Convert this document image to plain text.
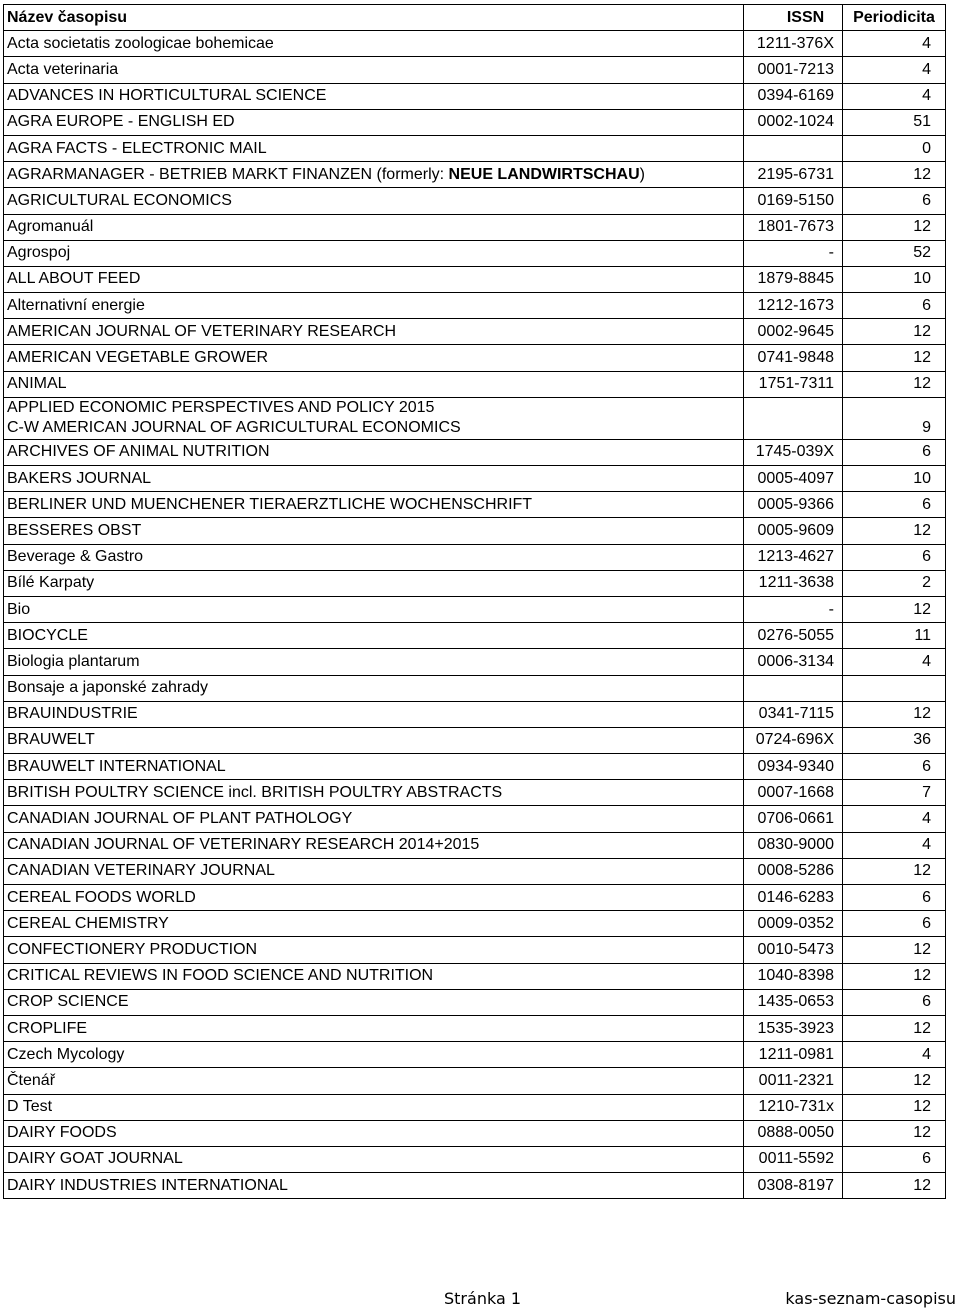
Název časopisu	ISSN	Periodicita
Acta societatis zoologicae bohemicae	1211-376X	4
Acta veterinaria	0001-7213	4
ADVANCES IN HORTICULTURAL SCIENCE	0394-6169	4
AGRA EUROPE - ENGLISH ED	0002-1024	51
AGRA FACTS - ELECTRONIC MAIL		0
AGRARMANAGER - BETRIEB MARKT FINANZEN (formerly: NEUE LANDWIRTSCHAU)	2195-6731	12
AGRICULTURAL ECONOMICS	0169-5150	6
Agromanuál	1801-7673	12
Agrospoj	-	52
ALL ABOUT FEED	1879-8845	10
Alternativní energie	1212-1673	6
AMERICAN JOURNAL OF VETERINARY RESEARCH	0002-9645	12
AMERICAN VEGETABLE GROWER	0741-9848	12
ANIMAL	1751-7311	12
APPLIED ECONOMIC PERSPECTIVES AND POLICY 2015
C-W AMERICAN JOURNAL OF AGRICULTURAL ECONOMICS		9
ARCHIVES OF ANIMAL NUTRITION	1745-039X	6
BAKERS JOURNAL	0005-4097	10
BERLINER UND MUENCHENER TIERAERZTLICHE WOCHENSCHRIFT	0005-9366	6
BESSERES OBST	0005-9609	12
Beverage & Gastro	1213-4627	6
Bílé Karpaty	1211-3638	2
Bio	-	12
BIOCYCLE	0276-5055	11
Biologia plantarum	0006-3134	4
Bonsaje a japonské zahrady		
BRAUINDUSTRIE	0341-7115	12
BRAUWELT	0724-696X	36
BRAUWELT INTERNATIONAL	0934-9340	6
BRITISH POULTRY SCIENCE incl. BRITISH POULTRY ABSTRACTS	0007-1668	7
CANADIAN JOURNAL OF PLANT PATHOLOGY	0706-0661	4
CANADIAN JOURNAL OF VETERINARY RESEARCH 2014+2015	0830-9000	4
CANADIAN VETERINARY JOURNAL	0008-5286	12
CEREAL FOODS WORLD	0146-6283	6
CEREAL CHEMISTRY	0009-0352	6
CONFECTIONERY PRODUCTION	0010-5473	12
CRITICAL REVIEWS IN FOOD SCIENCE AND NUTRITION	1040-8398	12
CROP SCIENCE	1435-0653	6
CROPLIFE	1535-3923	12
Czech Mycology	1211-0981	4
Čtenář	0011-2321	12
D Test	1210-731x	12
DAIRY FOODS	0888-0050	12
DAIRY GOAT JOURNAL	0011-5592	6
DAIRY INDUSTRIES INTERNATIONAL	0308-8197	12
Stránka 1	kas-seznam-casopisu
